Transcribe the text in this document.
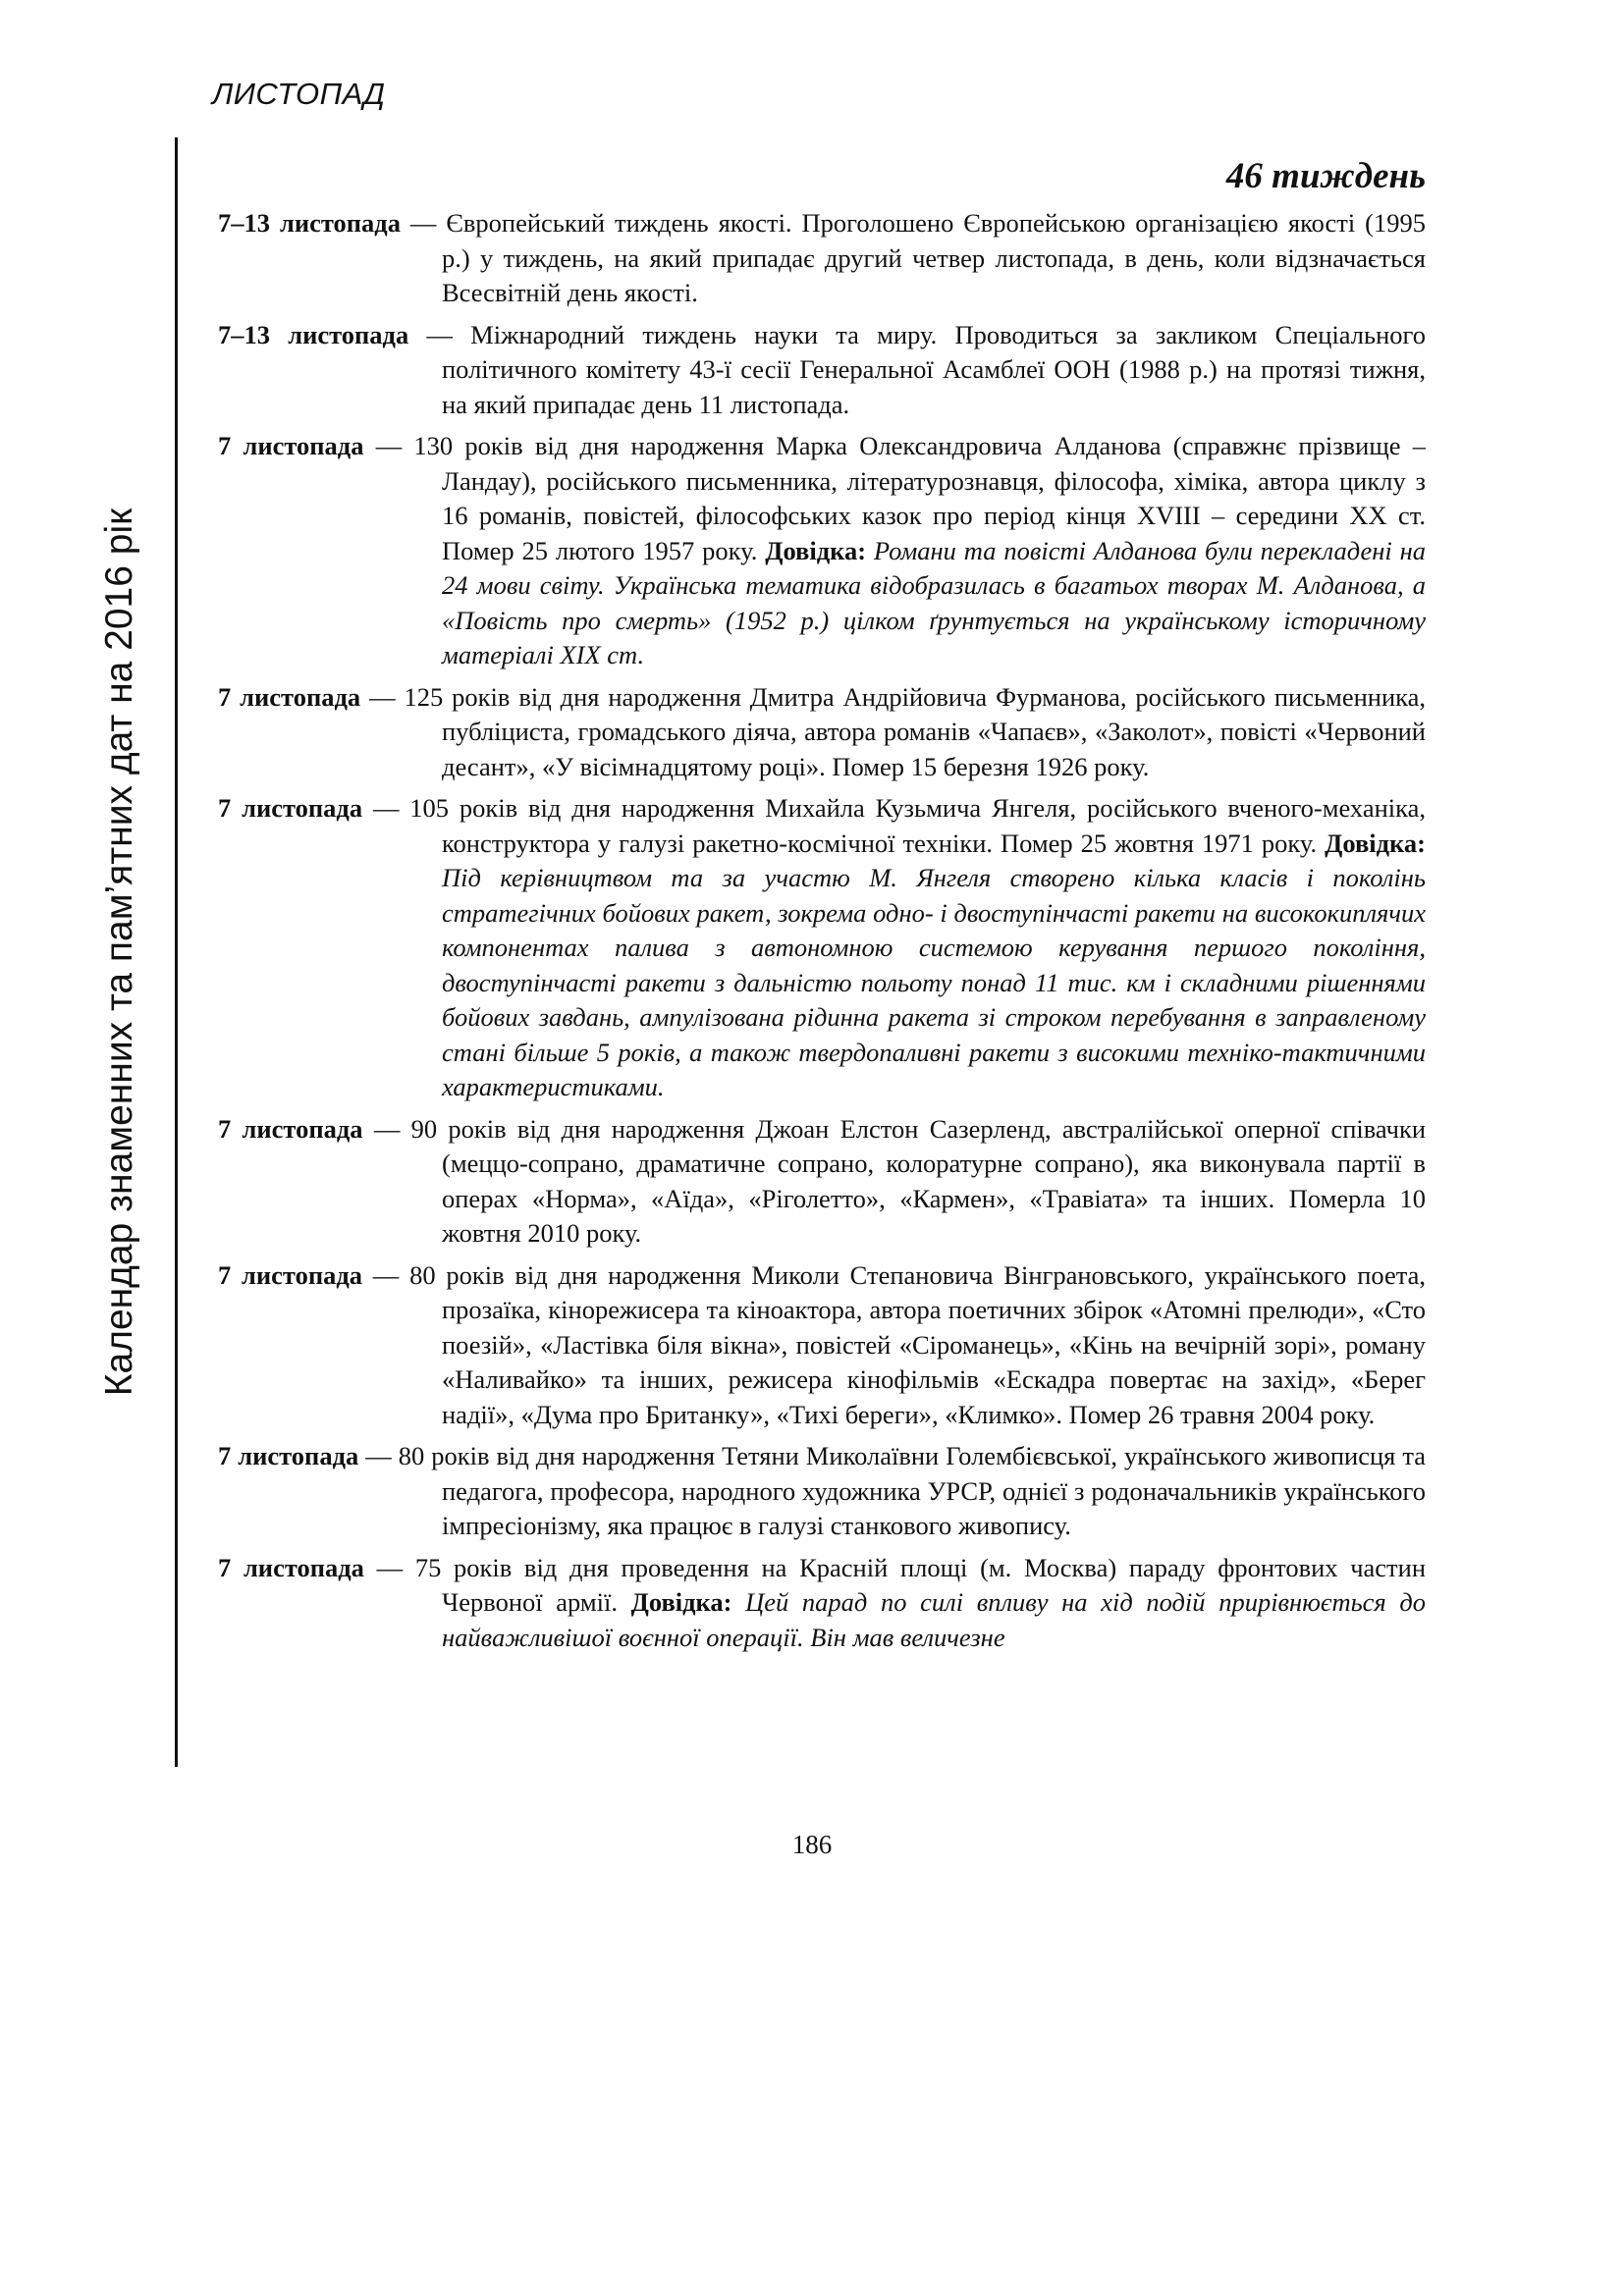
ЛИСТОПАД
Календар знаменних та пам’ятних дат на 2016 рік
46 тиждень

7–13 листопада — Європейський тиждень якості. Проголошено Європейською організацією якості (1995 р.) у тиждень, на який припадає другий четвер листопада, в день, коли відзначається Всесвітній день якості.

7–13 листопада — Міжнародний тиждень науки та миру. Проводиться за закликом Спеціального політичного комітету 43-ї сесії Генеральної Асамблеї ООН (1988 р.) на протязі тижня, на який припадає день 11 листопада.

7 листопада — 130 років від дня народження Марка Олександровича Алданова (справжнє прізвище – Ландау), російського письменника, літературознавця, філософа, хіміка, автора циклу з 16 романів, повістей, філософських казок про період кінця XVIII – середини XX ст. Помер 25 лютого 1957 року. Довідка: Романи та повісті Алданова були перекладені на 24 мови світу. Українська тематика відобразилась в багатьох творах М. Алданова, а «Повість про смерть» (1952 р.) цілком ґрунтується на українському історичному матеріалі XIX ст.

7 листопада — 125 років від дня народження Дмитра Андрійовича Фурманова, російського письменника, публіциста, громадського діяча, автора романів «Чапаєв», «Заколот», повісті «Червоний десант», «У вісімнадцятому році». Помер 15 березня 1926 року.

7 листопада — 105 років від дня народження Михайла Кузьмича Янгеля, російського вченого-механіка, конструктора у галузі ракетно-космічної техніки. Помер 25 жовтня 1971 року. Довідка: Під керівництвом та за участю М. Янгеля створено кілька класів і поколінь стратегічних бойових ракет, зокрема одно- і двоступінчасті ракети на висококиплячих компонентах палива з автономною системою керування першого покоління, двоступінчасті ракети з дальністю польоту понад 11 тис. км і складними рішеннями бойових завдань, ампулізована рідинна ракета зі строком перебування в заправленому стані більше 5 років, а також твердопаливні ракети з високими технiко-тактичними характеристиками.

7 листопада — 90 років від дня народження Джоан Елстон Сазерленд, австралійської оперної співачки (меццо-сопрано, драматичне сопрано, колоратурне сопрано), яка виконувала партії в операх «Норма», «Аїда», «Ріголетто», «Кармен», «Травіата» та інших. Померла 10 жовтня 2010 року.

7 листопада — 80 років від дня народження Миколи Степановича Вінграновського, українського поета, прозаїка, кінорежисера та кіноактора, автора поетичних збірок «Атомні прелюди», «Сто поезій», «Ластівка біля вікна», повістей «Сіроманець», «Кінь на вечірній зорі», роману «Наливайко» та інших, режисера кінофільмів «Ескадра повертає на захід», «Берег надії», «Дума про Британку», «Тихі береги», «Климко». Помер 26 травня 2004 року.

7 листопада — 80 років від дня народження Тетяни Миколаївни Голембієвської, українського живописця та педагога, професора, народного художника УРСР, однієї з родоначальників українського імпресіонізму, яка працює в галузі станкового живопису.

7 листопада — 75 років від дня проведення на Красній площі (м. Москва) параду фронтових частин Червоної армії. Довідка: Цей парад по силі впливу на хід подій прирівнюється до найважливішої воєнної операції. Він мав величезне

186
